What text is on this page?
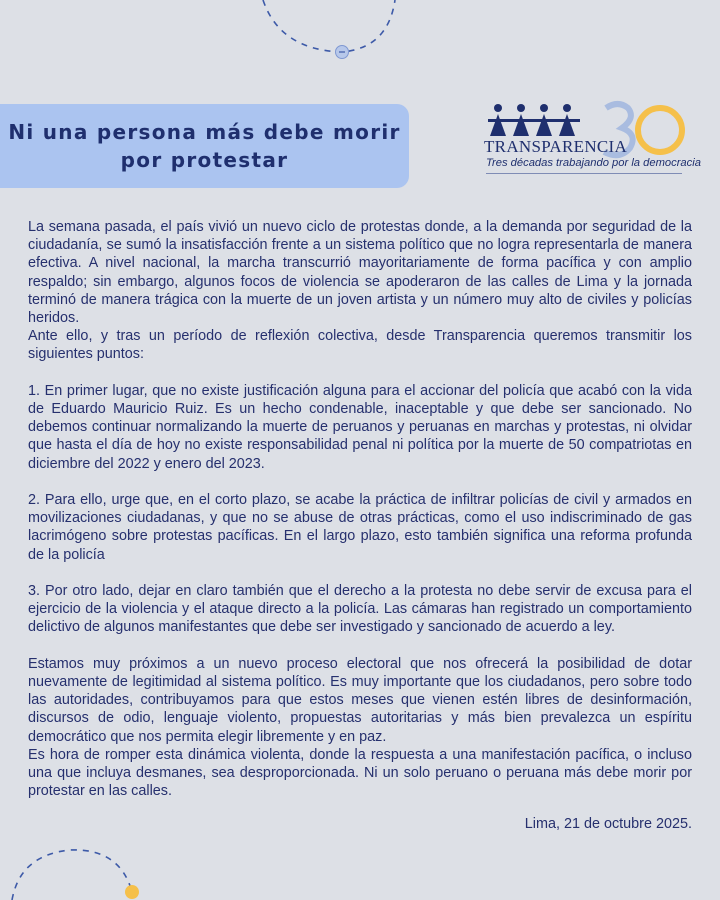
Ni una persona más debe morir
por protestar
TRANSPARENCIA
Tres décadas trabajando por la democracia

La semana pasada, el país vivió un nuevo ciclo de protestas donde, a la demanda por seguridad de la ciudadanía, se sumó la insatisfacción frente a un sistema político que no logra representarla de manera efectiva. A nivel nacional, la marcha transcurrió mayoritariamente de forma pacífica y con amplio respaldo; sin embargo, algunos focos de violencia se apoderaron de las calles de Lima y la jornada terminó de manera trágica con la muerte de un joven artista y un número muy alto de civiles y policías heridos.

Ante ello, y tras un período de reflexión colectiva, desde Transparencia queremos transmitir los siguientes puntos:

1. En primer lugar, que no existe justificación alguna para el accionar del policía que acabó con la vida de Eduardo Mauricio Ruiz. Es un hecho condenable, inaceptable y que debe ser sancionado. No debemos continuar normalizando la muerte de peruanos y peruanas en marchas y protestas, ni olvidar que hasta el día de hoy no existe responsabilidad penal ni política por la muerte de 50 compatriotas en diciembre del 2022 y enero del 2023.

2. Para ello, urge que, en el corto plazo, se acabe la práctica de infiltrar policías de civil y armados en movilizaciones ciudadanas, y que no se abuse de otras prácticas, como el uso indiscriminado de gas lacrimógeno sobre protestas pacíficas. En el largo plazo, esto también significa una reforma profunda de la policía

3. Por otro lado, dejar en claro también que el derecho a la protesta no debe servir de excusa para el ejercicio de la violencia y el ataque directo a la policía. Las cámaras han registrado un comportamiento delictivo de algunos manifestantes que debe ser investigado y sancionado de acuerdo a ley.

Estamos muy próximos a un nuevo proceso electoral que nos ofrecerá la posibilidad de dotar nuevamente de legitimidad al sistema político. Es muy importante que los ciudadanos, pero sobre todo las autoridades, contribuyamos para que estos meses que vienen estén libres de desinformación, discursos de odio, lenguaje violento, propuestas autoritarias y más bien prevalezca un espíritu democrático que nos permita elegir libremente y en paz.

Es hora de romper esta dinámica violenta, donde la respuesta a una manifestación pacífica, o incluso una que incluya desmanes, sea desproporcionada. Ni un solo peruano o peruana más debe morir por protestar en las calles.

Lima, 21 de octubre 2025.
